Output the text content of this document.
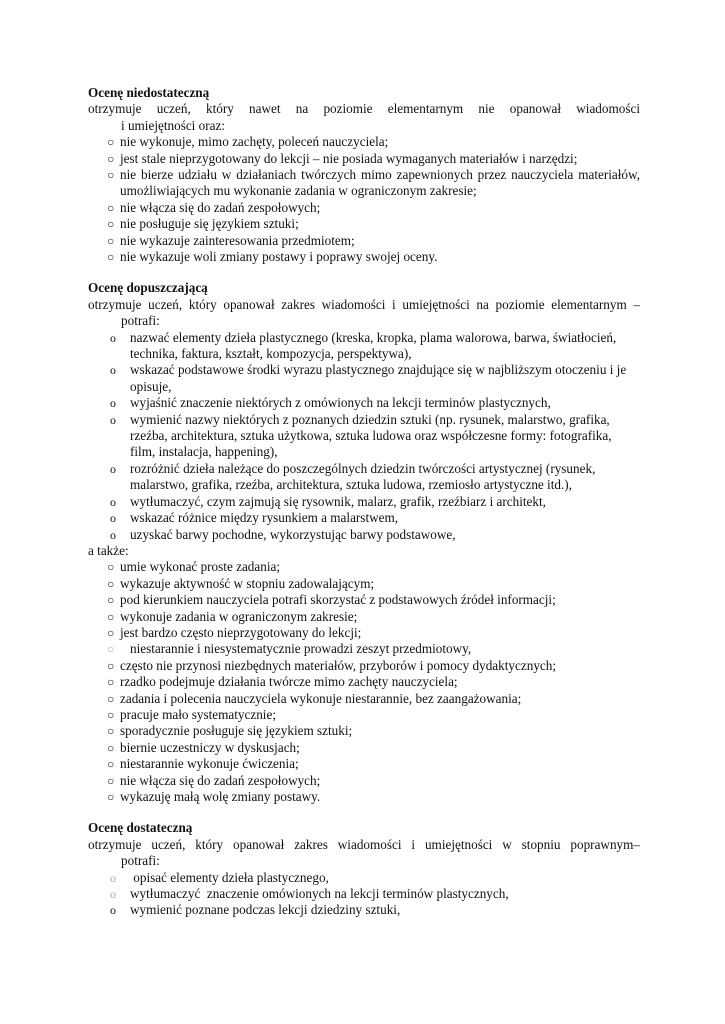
Ocenę niedostateczną
otrzymuje uczeń, który nawet na poziomie elementarnym nie opanował wiadomości
i umiejętności oraz:
○ nie wykonuje, mimo zachęty, poleceń nauczyciela;
○ jest stale nieprzygotowany do lekcji – nie posiada wymaganych materiałów i narzędzi;
○ nie bierze udziału w działaniach twórczych mimo zapewnionych przez nauczyciela materiałów, umożliwiających mu wykonanie zadania w ograniczonym zakresie;
○ nie włącza się do zadań zespołowych;
○ nie posługuje się językiem sztuki;
○ nie wykazuje zainteresowania przedmiotem;
○ nie wykazuje woli zmiany postawy i poprawy swojej oceny.
Ocenę dopuszczającą
otrzymuje uczeń, który opanował zakres wiadomości i umiejętności na poziomie elementarnym –
potrafi:
o nazwać elementy dzieła plastycznego (kreska, kropka, plama walorowa, barwa, światłocień, technika, faktura, kształt, kompozycja, perspektywa),
o wskazać podstawowe środki wyrazu plastycznego znajdujące się w najbliższym otoczeniu i je opisuje,
o wyjaśnić znaczenie niektórych z omówionych na lekcji terminów plastycznych,
o wymienić nazwy niektórych z poznanych dziedzin sztuki (np. rysunek, malarstwo, grafika, rzeźba, architektura, sztuka użytkowa, sztuka ludowa oraz współczesne formy: fotografika, film, instalacja, happening),
o rozróżnić dzieła należące do poszczególnych dziedzin twórczości artystycznej (rysunek, malarstwo, grafika, rzeźba, architektura, sztuka ludowa, rzemiosło artystyczne itd.),
o wytłumaczyć, czym zajmują się rysownik, malarz, grafik, rzeźbiarz i architekt,
o wskazać różnice między rysunkiem a malarstwem,
o uzyskać barwy pochodne, wykorzystując barwy podstawowe,
a także:
○ umie wykonać proste zadania;
○ wykazuje aktywność w stopniu zadowalającym;
○ pod kierunkiem nauczyciela potrafi skorzystać z podstawowych źródeł informacji;
○ wykonuje zadania w ograniczonym zakresie;
○ jest bardzo często nieprzygotowany do lekcji;
○ niestarannie i niesystematycznie prowadzi zeszyt przedmiotowy,
○ często nie przynosi niezbędnych materiałów, przyborów i pomocy dydaktycznych;
○ rzadko podejmuje działania twórcze mimo zachęty nauczyciela;
○ zadania i polecenia nauczyciela wykonuje niestarannie, bez zaangażowania;
○ pracuje mało systematycznie;
○ sporadycznie posługuje się językiem sztuki;
○ biernie uczestniczy w dyskusjach;
○ niestarannie wykonuje ćwiczenia;
○ nie włącza się do zadań zespołowych;
○ wykazuję małą wolę zmiany postawy.
Ocenę dostateczną
otrzymuje uczeń, który opanował zakres wiadomości i umiejętności w stopniu poprawnym–
potrafi:
o opisać elementy dzieła plastycznego,
o wytłumaczyć  znaczenie omówionych na lekcji terminów plastycznych,
o wymienić poznane podczas lekcji dziedziny sztuki,
